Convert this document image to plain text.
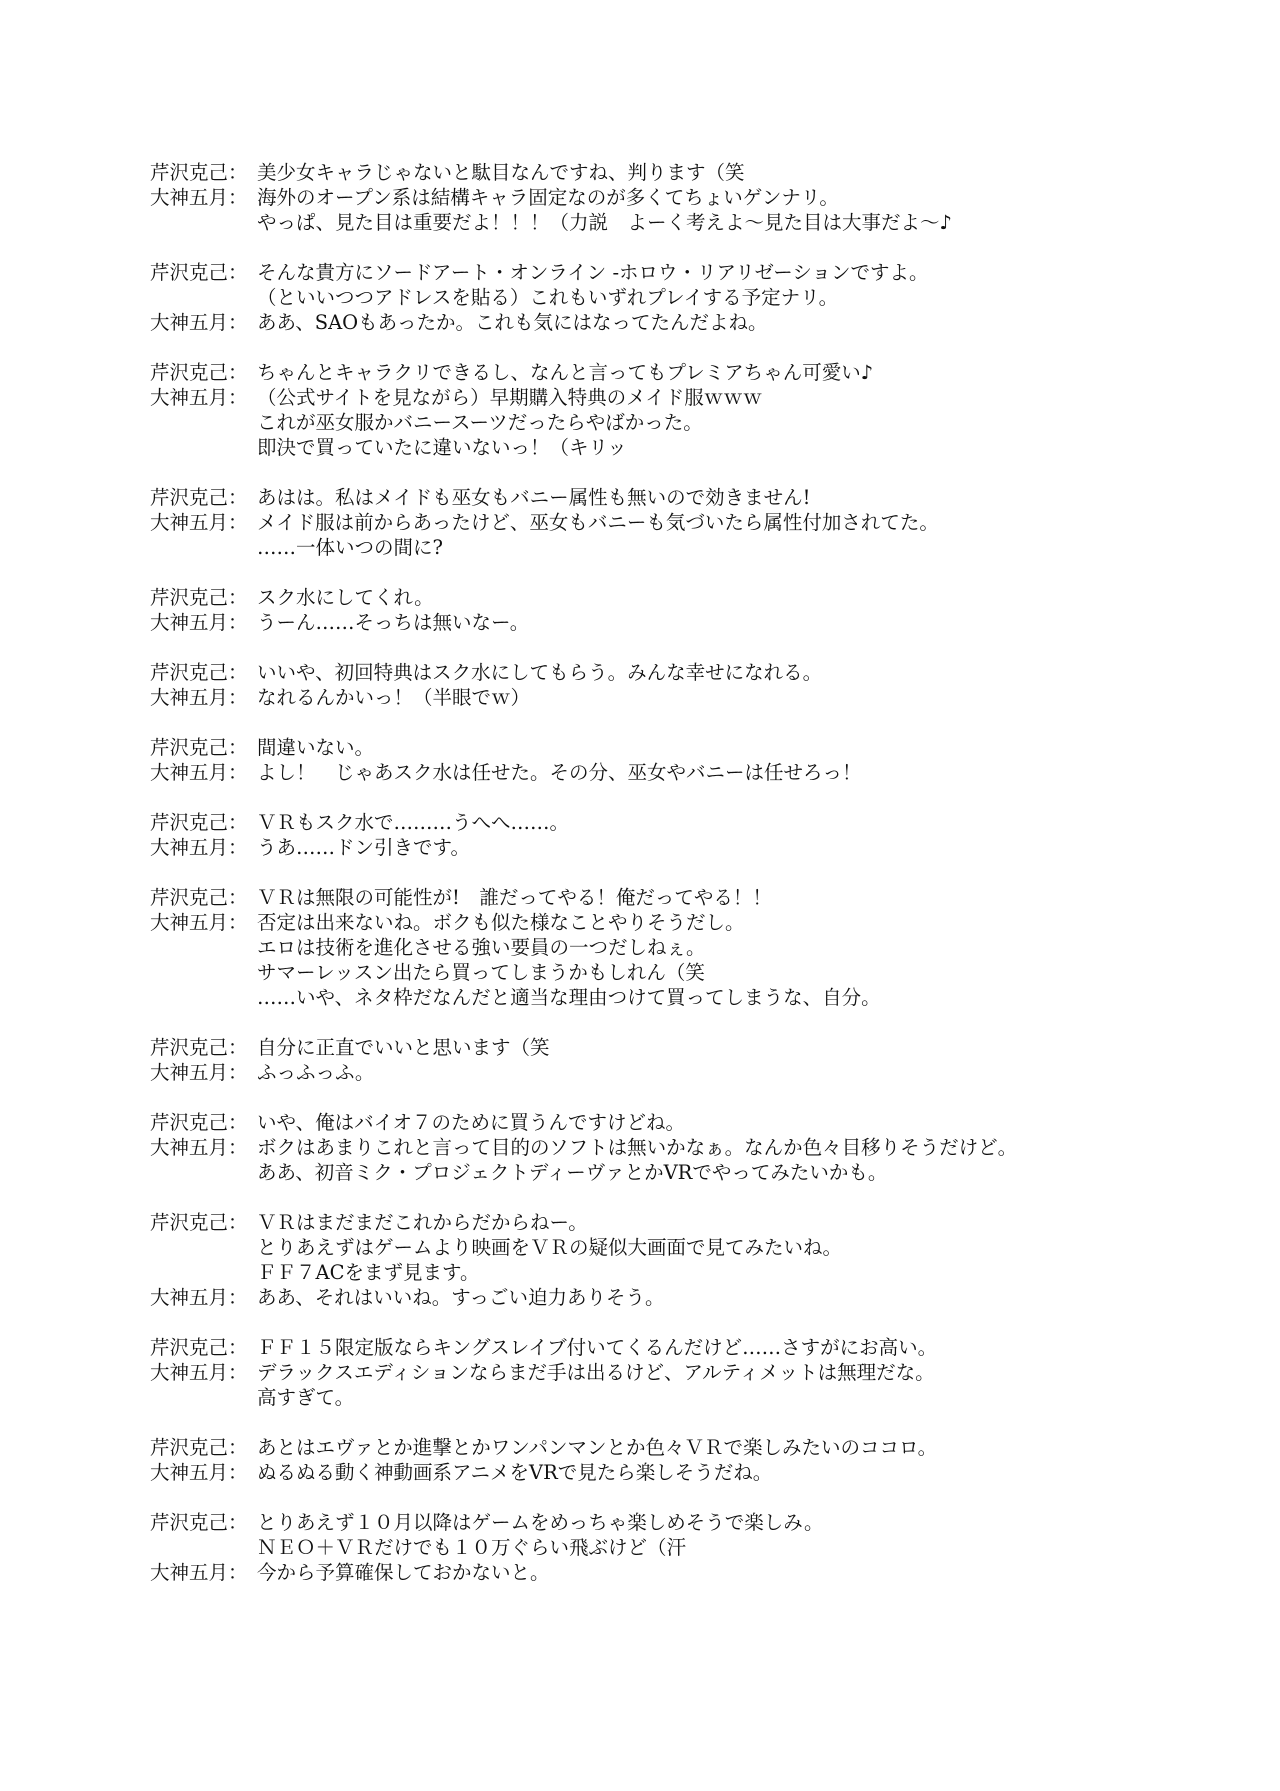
芹沢克己： 美少女キャラじゃないと駄目なんですね、判ります（笑
大神五月： 海外のオープン系は結構キャラ固定なのが多くてちょいゲンナリ。
やっぱ、見た目は重要だよ！！！（力説　よーく考えよ～見た目は大事だよ～♪
芹沢克己： そんな貴方にソードアート・オンライン -ホロウ・リアリゼーションですよ。
（といいつつアドレスを貼る）これもいずれプレイする予定ナリ。
大神五月： ああ、SAOもあったか。これも気にはなってたんだよね。
芹沢克己： ちゃんとキャラクリできるし、なんと言ってもプレミアちゃん可愛い♪
大神五月： （公式サイトを見ながら）早期購入特典のメイド服ｗｗｗ
これが巫女服かバニースーツだったらやばかった。
即決で買っていたに違いないっ！（キリッ
芹沢克己： あはは。私はメイドも巫女もバニー属性も無いので効きません!
大神五月： メイド服は前からあったけど、巫女もバニーも気づいたら属性付加されてた。
……一体いつの間に?
芹沢克己： スク水にしてくれ。
大神五月： うーん……そっちは無いなー。
芹沢克己： いいや、初回特典はスク水にしてもらう。みんな幸せになれる。
大神五月： なれるんかいっ！（半眼でｗ）
芹沢克己： 間違いない。
大神五月： よし！　じゃあスク水は任せた。その分、巫女やバニーは任せろっ！
芹沢克己： ＶＲもスク水で………うへへ……。
大神五月： うあ……ドン引きです。
芹沢克己： ＶＲは無限の可能性が!　誰だってやる！俺だってやる！！
大神五月： 否定は出来ないね。ボクも似た様なことやりそうだし。
エロは技術を進化させる強い要員の一つだしねぇ。
サマーレッスン出たら買ってしまうかもしれん（笑
……いや、ネタ枠だなんだと適当な理由つけて買ってしまうな、自分。
芹沢克己： 自分に正直でいいと思います（笑
大神五月： ふっふっふ。
芹沢克己： いや、俺はバイオ７のために買うんですけどね。
大神五月： ボクはあまりこれと言って目的のソフトは無いかなぁ。なんか色々目移りそうだけど。
ああ、初音ミク・プロジェクトディーヴァとかVRでやってみたいかも。
芹沢克己： ＶＲはまだまだこれからだからねー。
とりあえずはゲームより映画をＶＲの疑似大画面で見てみたいね。
ＦＦ７ACをまず見ます。
大神五月： ああ、それはいいね。すっごい迫力ありそう。
芹沢克己： ＦＦ１５限定版ならキングスレイブ付いてくるんだけど……さすがにお高い。
大神五月： デラックスエディションならまだ手は出るけど、アルティメットは無理だな。
高すぎて。
芹沢克己： あとはエヴァとか進撃とかワンパンマンとか色々ＶＲで楽しみたいのココロ。
大神五月： ぬるぬる動く神動画系アニメをVRで見たら楽しそうだね。
芹沢克己： とりあえず１０月以降はゲームをめっちゃ楽しめそうで楽しみ。
ＮＥＯ＋ＶＲだけでも１０万ぐらい飛ぶけど（汗
大神五月： 今から予算確保しておかないと。
